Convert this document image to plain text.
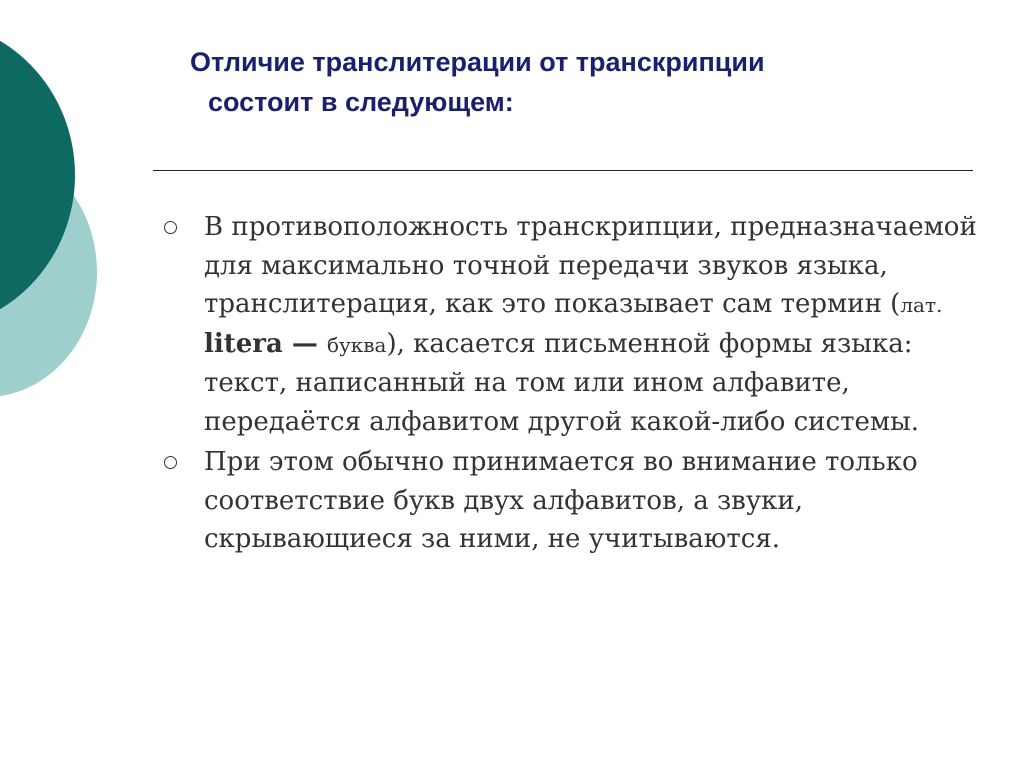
Отличие транслитерации от транскрипции
состоит в следующем:
В противоположность транскрипции, предназначаемой для максимально точной передачи звуков языка, транслитерация, как это показывает сам термин (лат. litera — буква), касается письменной формы языка: текст, написанный на том или ином алфавите, передаётся алфавитом другой какой-либо системы.
При этом обычно принимается во внимание только соответствие букв двух алфавитов, а звуки, скрывающиеся за ними, не учитываются.
